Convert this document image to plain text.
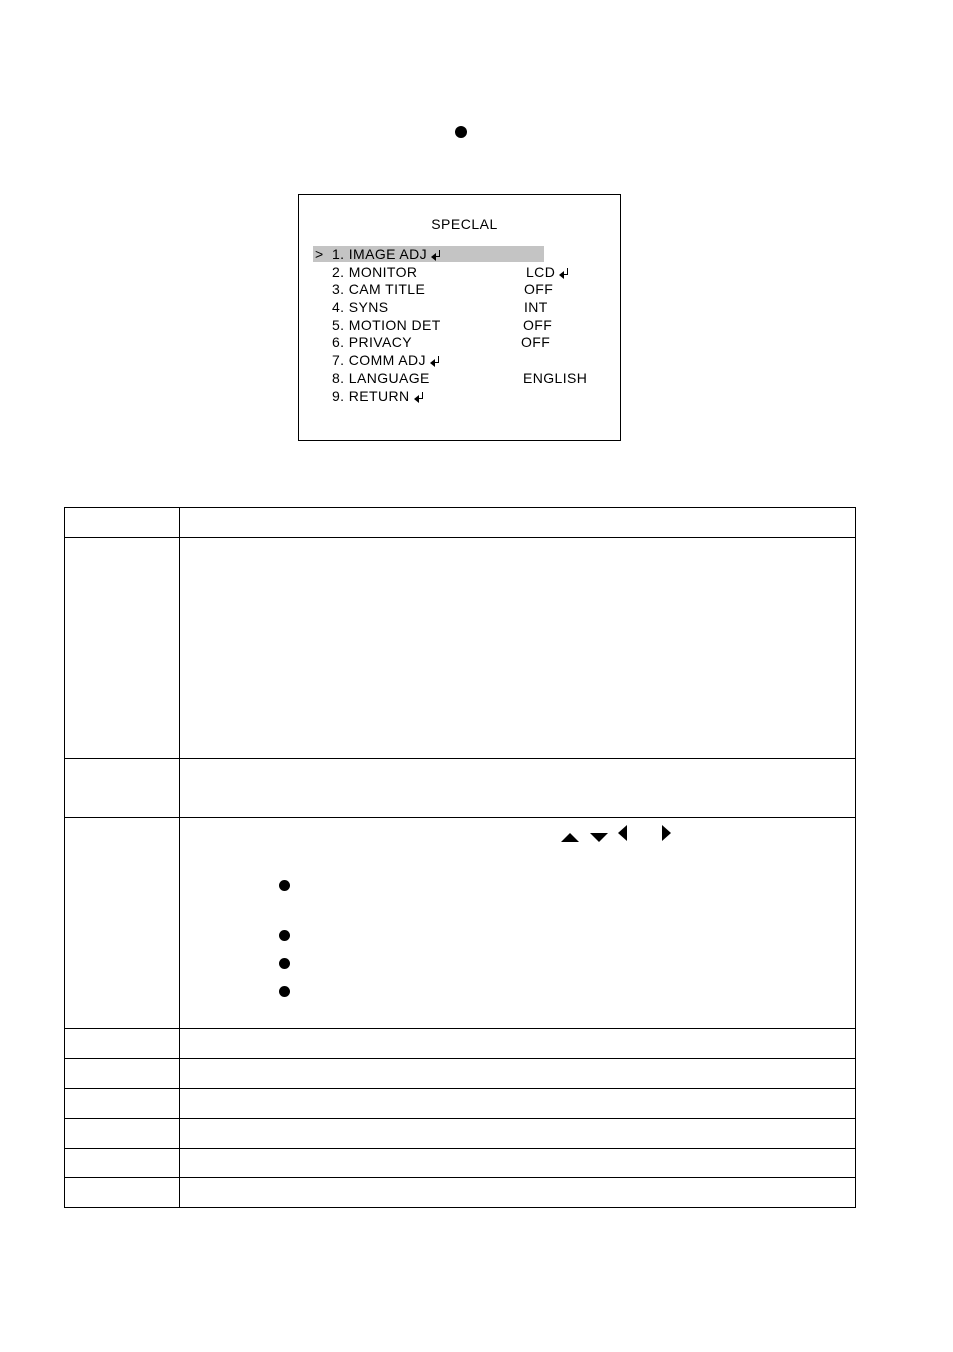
SPECLAL
> 1. IMAGE ADJ
2. MONITOR	LCD
3. CAM TITLE	OFF
4. SYNS	INT
5. MOTION DET	OFF
6. PRIVACY	OFF
7. COMM ADJ
8. LANGUAGE	ENGLISH
9. RETURN
